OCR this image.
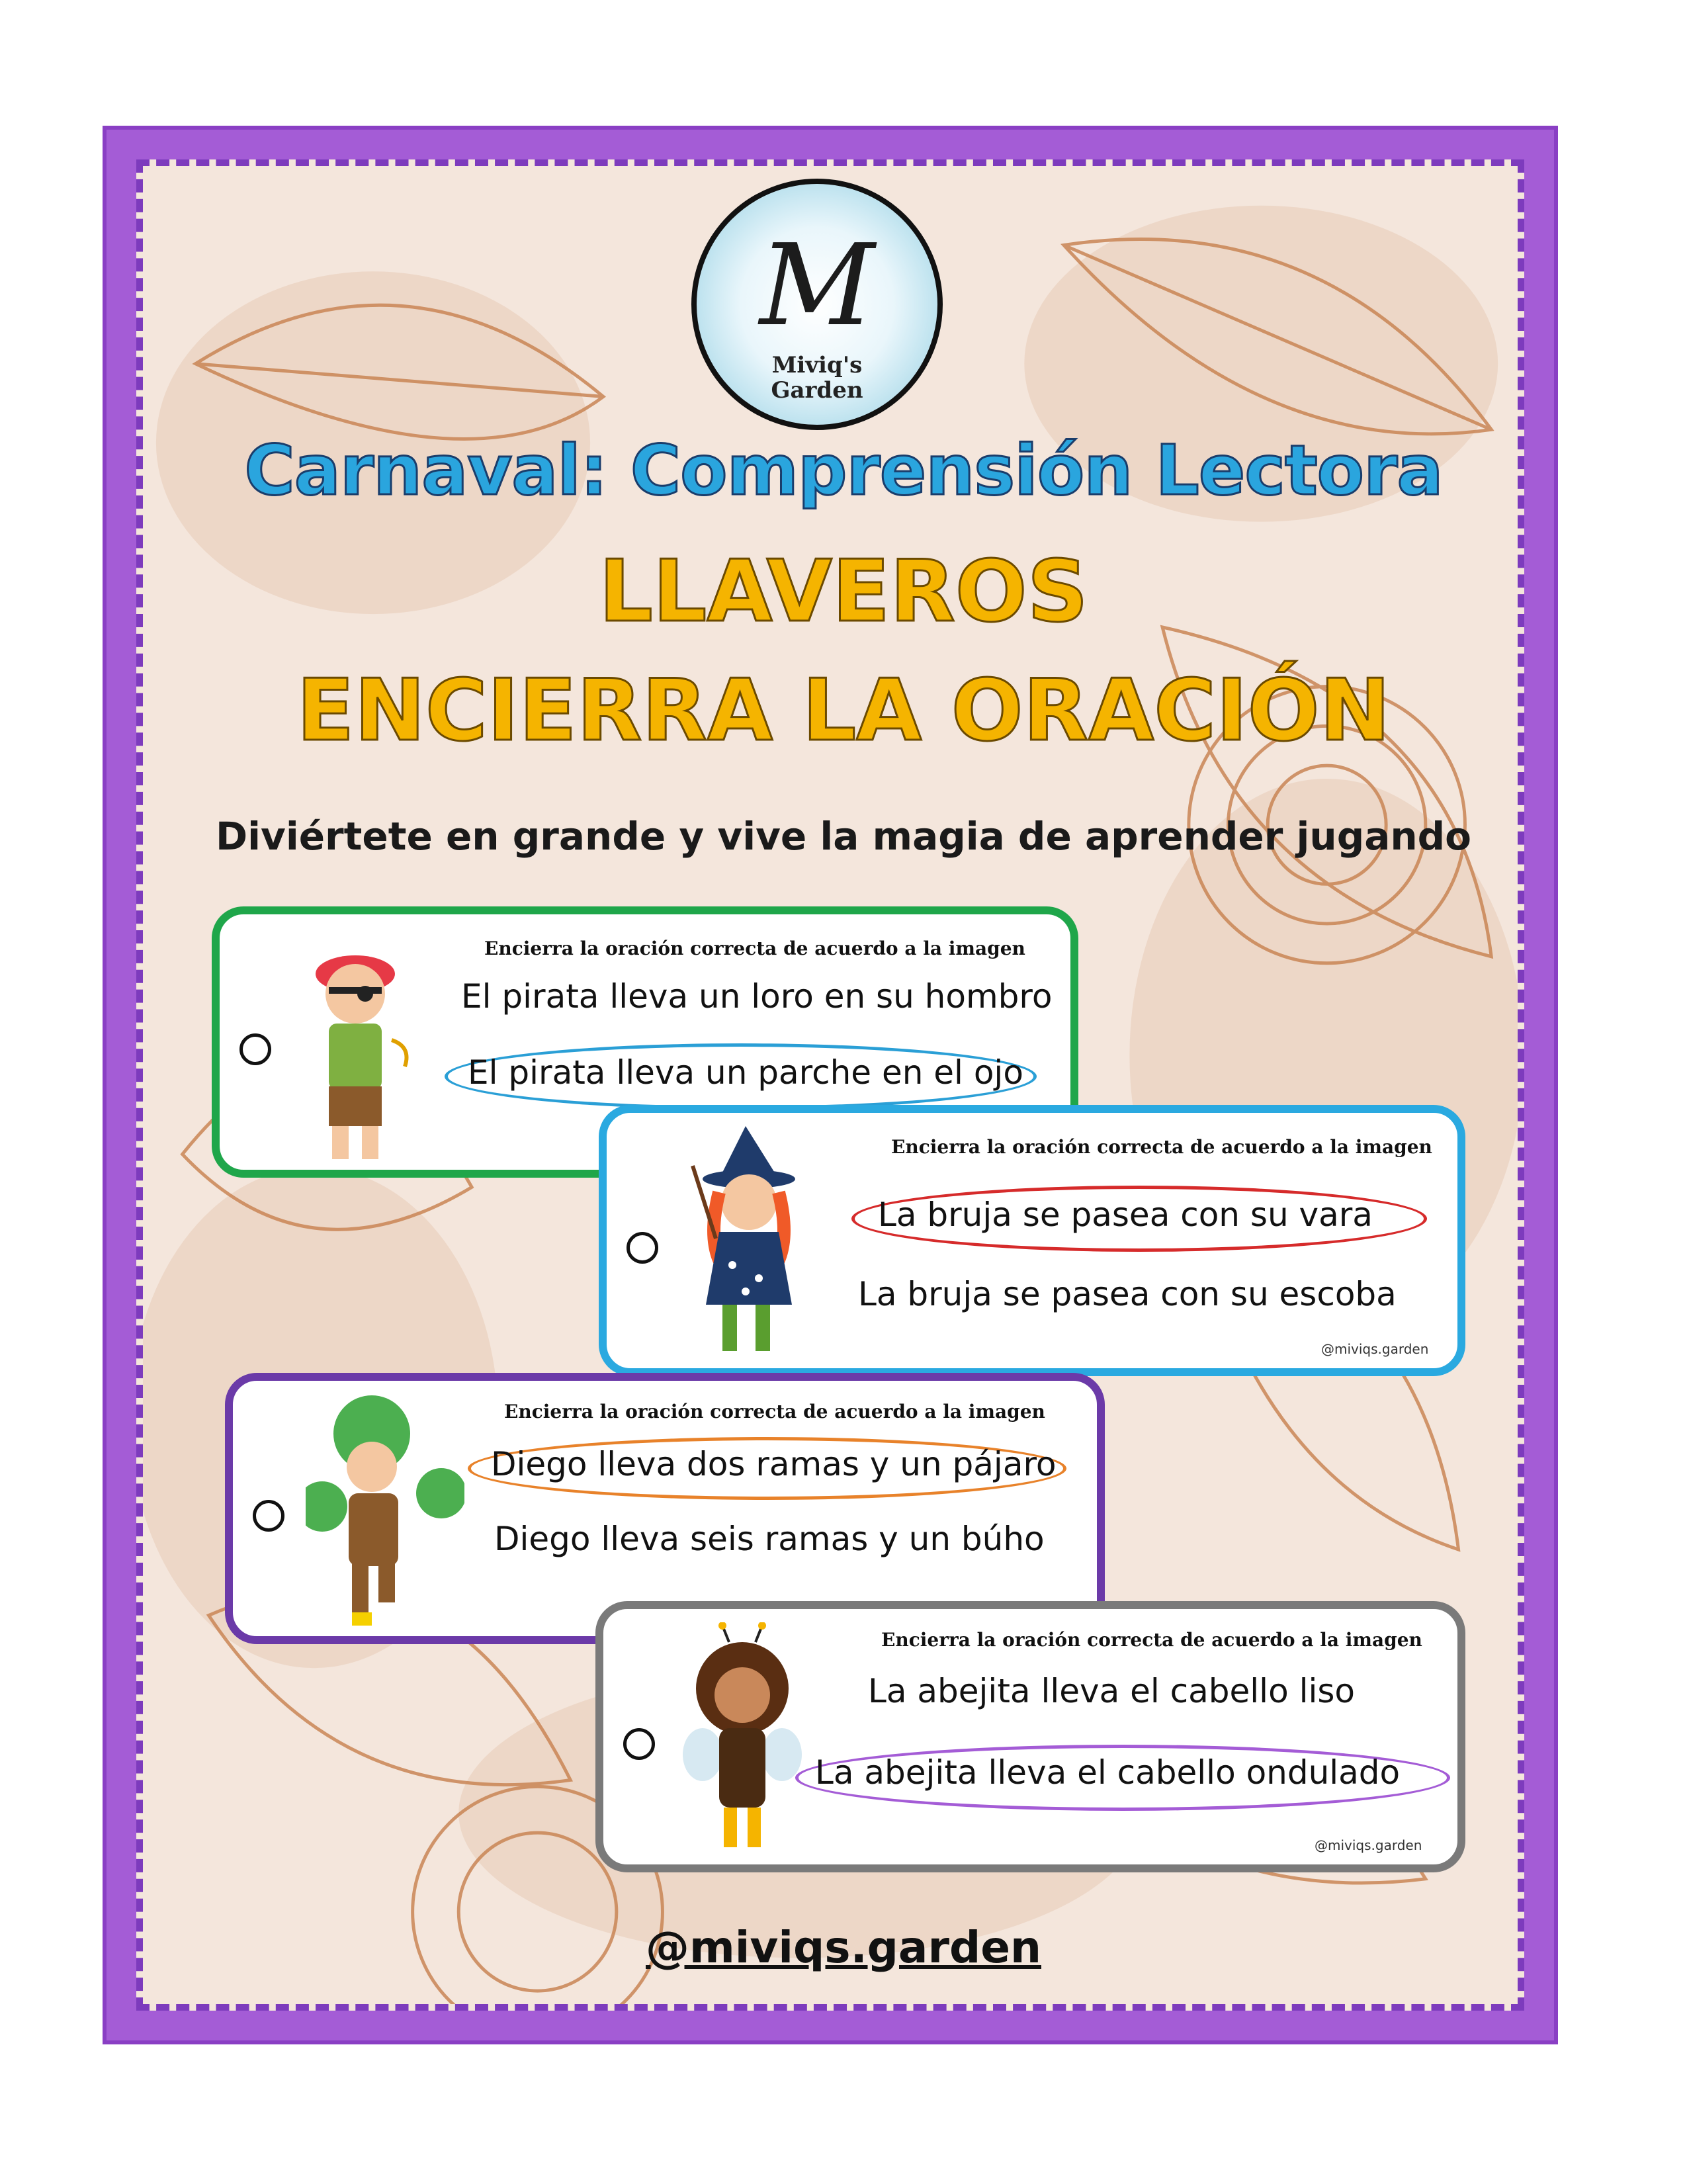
M
Miviq's
Garden
Carnaval: Comprensión Lectora
LLAVEROS
ENCIERRA LA ORACIÓN
Diviértete en grande y vive la magia de aprender jugando
Encierra la oración correcta de acuerdo a la imagen
El pirata lleva un loro en su hombro
El pirata lleva un parche en el ojo
Encierra la oración correcta de acuerdo a la imagen
La bruja se pasea con su vara
La bruja se pasea con su escoba
@miviqs.garden
Encierra la oración correcta de acuerdo a la imagen
Diego lleva dos ramas y un pájaro
Diego lleva seis ramas y un búho
Encierra la oración correcta de acuerdo a la imagen
La abejita lleva el cabello liso
La abejita lleva el cabello ondulado
@miviqs.garden
@miviqs.garden
